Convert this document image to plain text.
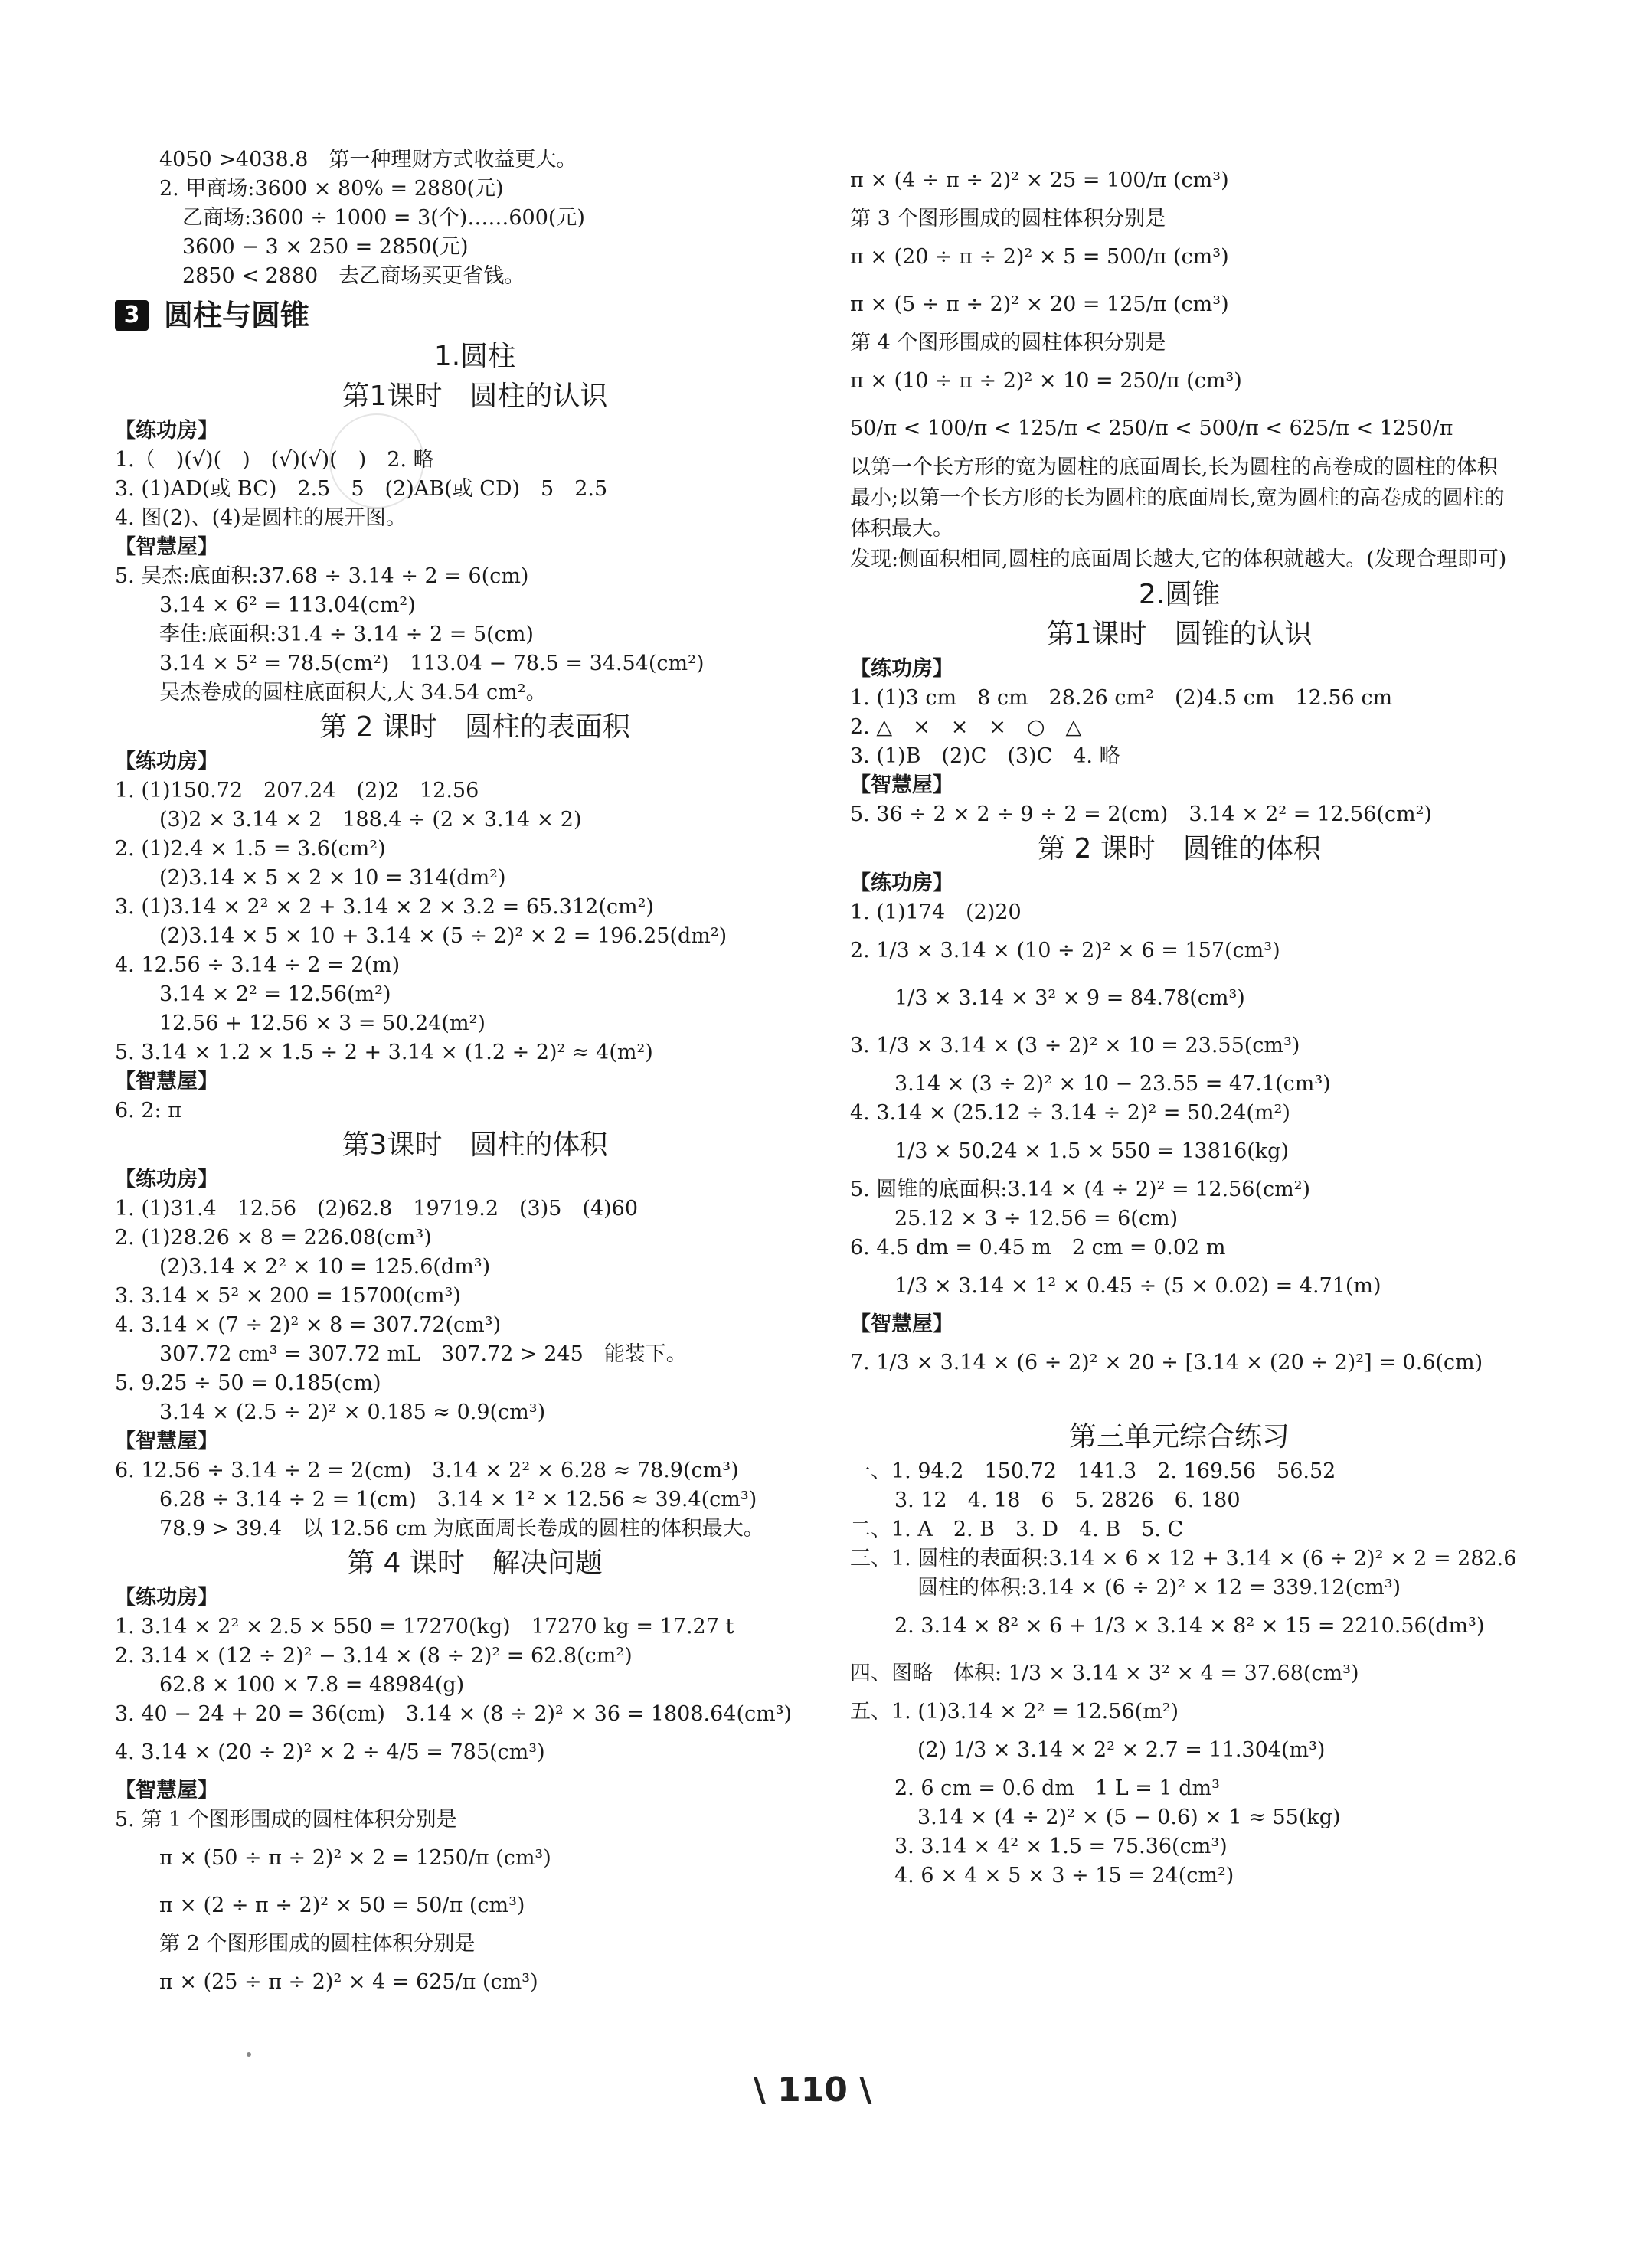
4050 >4038.8　第一种理财方式收益更大。
2. 甲商场:3600 × 80% = 2880(元)
乙商场:3600 ÷ 1000 = 3(个)……600(元)
3600 − 3 × 250 = 2850(元)
2850 < 2880　去乙商场买更省钱。
3 圆柱与圆锥
1.圆柱
第1课时　圆柱的认识
【练功房】
1.（　)(√)(　)　(√)(√)(　)　2. 略
3. (1)AD(或 BC)　2.5　5　(2)AB(或 CD)　5　2.5
4. 图(2)、(4)是圆柱的展开图。
【智慧屋】
5. 吴杰:底面积:37.68 ÷ 3.14 ÷ 2 = 6(cm)
3.14 × 6² = 113.04(cm²)
李佳:底面积:31.4 ÷ 3.14 ÷ 2 = 5(cm)
3.14 × 5² = 78.5(cm²)　113.04 − 78.5 = 34.54(cm²)
吴杰卷成的圆柱底面积大,大 34.54 cm²。
第 2 课时　圆柱的表面积
【练功房】
1. (1)150.72　207.24　(2)2　12.56
(3)2 × 3.14 × 2　188.4 ÷ (2 × 3.14 × 2)
2. (1)2.4 × 1.5 = 3.6(cm²)
(2)3.14 × 5 × 2 × 10 = 314(dm²)
3. (1)3.14 × 2² × 2 + 3.14 × 2 × 3.2 = 65.312(cm²)
(2)3.14 × 5 × 10 + 3.14 × (5 ÷ 2)² × 2 = 196.25(dm²)
4. 12.56 ÷ 3.14 ÷ 2 = 2(m)
3.14 × 2² = 12.56(m²)
12.56 + 12.56 × 3 = 50.24(m²)
5. 3.14 × 1.2 × 1.5 ÷ 2 + 3.14 × (1.2 ÷ 2)² ≈ 4(m²)
【智慧屋】
6. 2: π
第3课时　圆柱的体积
【练功房】
1. (1)31.4　12.56　(2)62.8　19719.2　(3)5　(4)60
2. (1)28.26 × 8 = 226.08(cm³)
(2)3.14 × 2² × 10 = 125.6(dm³)
3. 3.14 × 5² × 200 = 15700(cm³)
4. 3.14 × (7 ÷ 2)² × 8 = 307.72(cm³)
307.72 cm³ = 307.72 mL　307.72 > 245　能装下。
5. 9.25 ÷ 50 = 0.185(cm)
3.14 × (2.5 ÷ 2)² × 0.185 ≈ 0.9(cm³)
【智慧屋】
6. 12.56 ÷ 3.14 ÷ 2 = 2(cm)　3.14 × 2² × 6.28 ≈ 78.9(cm³)
6.28 ÷ 3.14 ÷ 2 = 1(cm)　3.14 × 1² × 12.56 ≈ 39.4(cm³)
78.9 > 39.4　以 12.56 cm 为底面周长卷成的圆柱的体积最大。
第 4 课时　解决问题
【练功房】
1. 3.14 × 2² × 2.5 × 550 = 17270(kg)　17270 kg = 17.27 t
2. 3.14 × (12 ÷ 2)² − 3.14 × (8 ÷ 2)² = 62.8(cm²)
62.8 × 100 × 7.8 = 48984(g)
3. 40 − 24 + 20 = 36(cm)　3.14 × (8 ÷ 2)² × 36 = 1808.64(cm³)
4. 3.14 × (20 ÷ 2)² × 2 ÷ 4/5 = 785(cm³)
【智慧屋】
5. 第 1 个图形围成的圆柱体积分别是
π × (50 ÷ π ÷ 2)² × 2 = 1250/π (cm³)
π × (2 ÷ π ÷ 2)² × 50 = 50/π (cm³)
第 2 个图形围成的圆柱体积分别是
π × (25 ÷ π ÷ 2)² × 4 = 625/π (cm³)
π × (4 ÷ π ÷ 2)² × 25 = 100/π (cm³)
第 3 个图形围成的圆柱体积分别是
π × (20 ÷ π ÷ 2)² × 5 = 500/π (cm³)
π × (5 ÷ π ÷ 2)² × 20 = 125/π (cm³)
第 4 个图形围成的圆柱体积分别是
π × (10 ÷ π ÷ 2)² × 10 = 250/π (cm³)
50/π < 100/π < 125/π < 250/π < 500/π < 625/π < 1250/π
以第一个长方形的宽为圆柱的底面周长,长为圆柱的高卷成的圆柱的体积最小;以第一个长方形的长为圆柱的底面周长,宽为圆柱的高卷成的圆柱的体积最大。
发现:侧面积相同,圆柱的底面周长越大,它的体积就越大。(发现合理即可)
2.圆锥
第1课时　圆锥的认识
【练功房】
1. (1)3 cm　8 cm　28.26 cm²　(2)4.5 cm　12.56 cm
2. △　×　×　×　○　△
3. (1)B　(2)C　(3)C　4. 略
【智慧屋】
5. 36 ÷ 2 × 2 ÷ 9 ÷ 2 = 2(cm)　3.14 × 2² = 12.56(cm²)
第 2 课时　圆锥的体积
【练功房】
1. (1)174　(2)20
2. 1/3 × 3.14 × (10 ÷ 2)² × 6 = 157(cm³)
1/3 × 3.14 × 3² × 9 = 84.78(cm³)
3. 1/3 × 3.14 × (3 ÷ 2)² × 10 = 23.55(cm³)
3.14 × (3 ÷ 2)² × 10 − 23.55 = 47.1(cm³)
4. 3.14 × (25.12 ÷ 3.14 ÷ 2)² = 50.24(m²)
1/3 × 50.24 × 1.5 × 550 = 13816(kg)
5. 圆锥的底面积:3.14 × (4 ÷ 2)² = 12.56(cm²)
25.12 × 3 ÷ 12.56 = 6(cm)
6. 4.5 dm = 0.45 m　2 cm = 0.02 m
1/3 × 3.14 × 1² × 0.45 ÷ (5 × 0.02) = 4.71(m)
【智慧屋】
7. 1/3 × 3.14 × (6 ÷ 2)² × 20 ÷ [3.14 × (20 ÷ 2)²] = 0.6(cm)
第三单元综合练习
一、1. 94.2　150.72　141.3　2. 169.56　56.52
3. 12　4. 18　6　5. 2826　6. 180
二、1. A　2. B　3. D　4. B　5. C
三、1. 圆柱的表面积:3.14 × 6 × 12 + 3.14 × (6 ÷ 2)² × 2 = 282.6
圆柱的体积:3.14 × (6 ÷ 2)² × 12 = 339.12(cm³)
2. 3.14 × 8² × 6 + 1/3 × 3.14 × 8² × 15 = 2210.56(dm³)
四、图略　体积: 1/3 × 3.14 × 3² × 4 = 37.68(cm³)
五、1. (1)3.14 × 2² = 12.56(m²)
(2) 1/3 × 3.14 × 2² × 2.7 = 11.304(m³)
2. 6 cm = 0.6 dm　1 L = 1 dm³
3.14 × (4 ÷ 2)² × (5 − 0.6) × 1 ≈ 55(kg)
3. 3.14 × 4² × 1.5 = 75.36(cm³)
4. 6 × 4 × 5 × 3 ÷ 15 = 24(cm²)
\ 110 \
